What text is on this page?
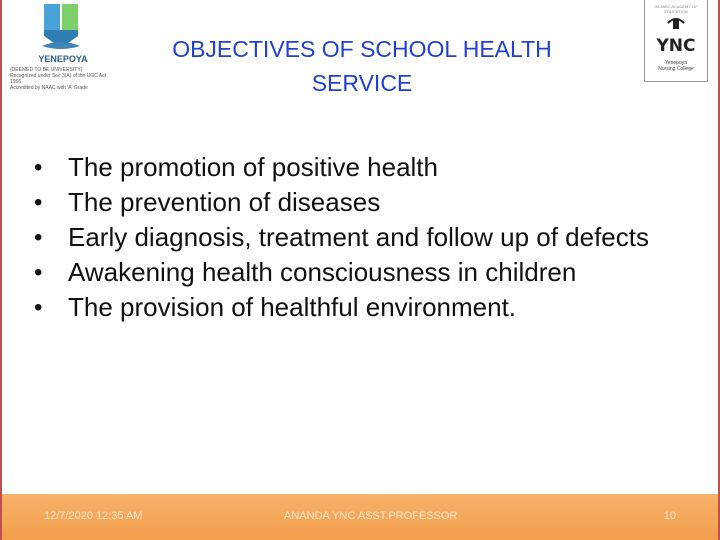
YENEPOYA
(DEEMED TO BE UNIVERSITY)
Recognized under Sec 3(A) of the UGC Act 1956
Accredited by NAAC with 'A' Grade
ISLAMIC ACADEMY OF EDUCATION
YNC
Yenepoya
Nursing College
OBJECTIVES OF SCHOOL HEALTH
SERVICE
• The promotion of positive health
• The prevention of diseases
• Early diagnosis, treatment and follow up of defects
• Awakening health consciousness in children
• The provision of healthful environment.
12/7/2020 12:35 AM	ANANDA YNC ASST.PROFESSOR	10
